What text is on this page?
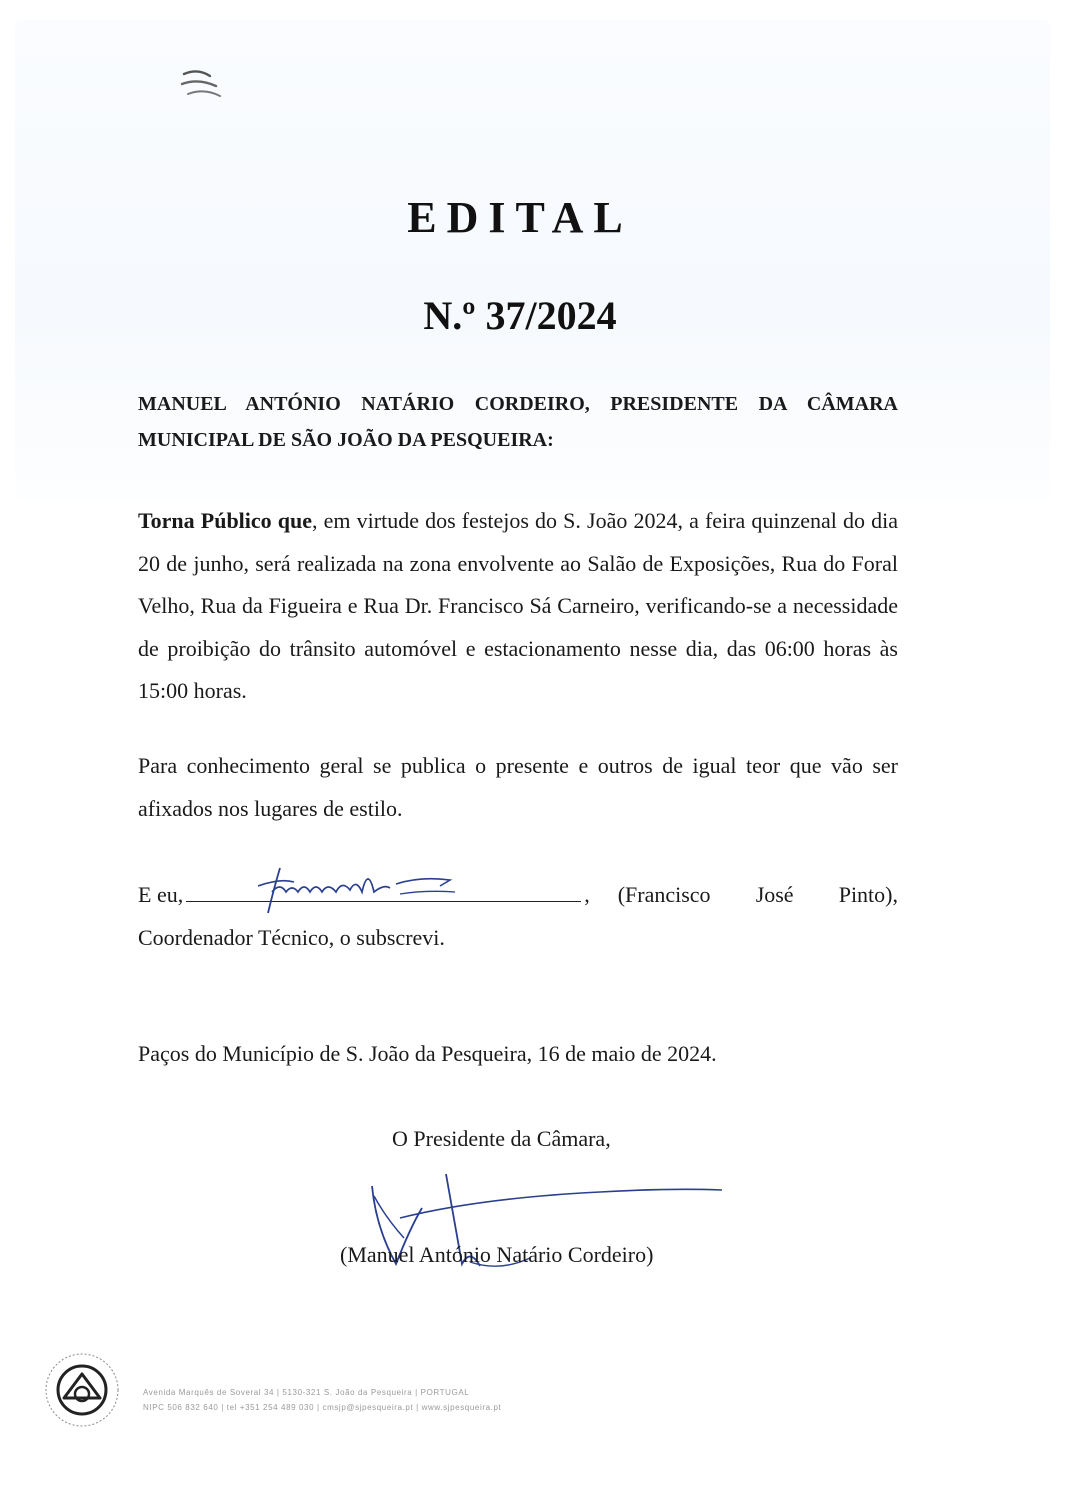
EDITAL
N.º 37/2024
MANUEL ANTÓNIO NATÁRIO CORDEIRO, PRESIDENTE DA CÂMARA MUNICIPAL DE SÃO JOÃO DA PESQUEIRA:
Torna Público que, em virtude dos festejos do S. João 2024, a feira quinzenal do dia 20 de junho, será realizada na zona envolvente ao Salão de Exposições, Rua do Foral Velho, Rua da Figueira e Rua Dr. Francisco Sá Carneiro, verificando-se a necessidade de proibição do trânsito automóvel e estacionamento nesse dia, das 06:00 horas às 15:00 horas.
Para conhecimento geral se publica o presente e outros de igual teor que vão ser afixados nos lugares de estilo.
E eu,	, (Francisco José Pinto),
Coordenador Técnico, o subscrevi.
Paços do Município de S. João da Pesqueira, 16 de maio de 2024.
O Presidente da Câmara,
(Manuel António Natário Cordeiro)
Avenida Marquês de Soveral 34 | 5130-321 S. João da Pesqueira | PORTUGAL
NIPC 506 832 640 | tel +351 254 489 030 | cmsjp@sjpesqueira.pt | www.sjpesqueira.pt
